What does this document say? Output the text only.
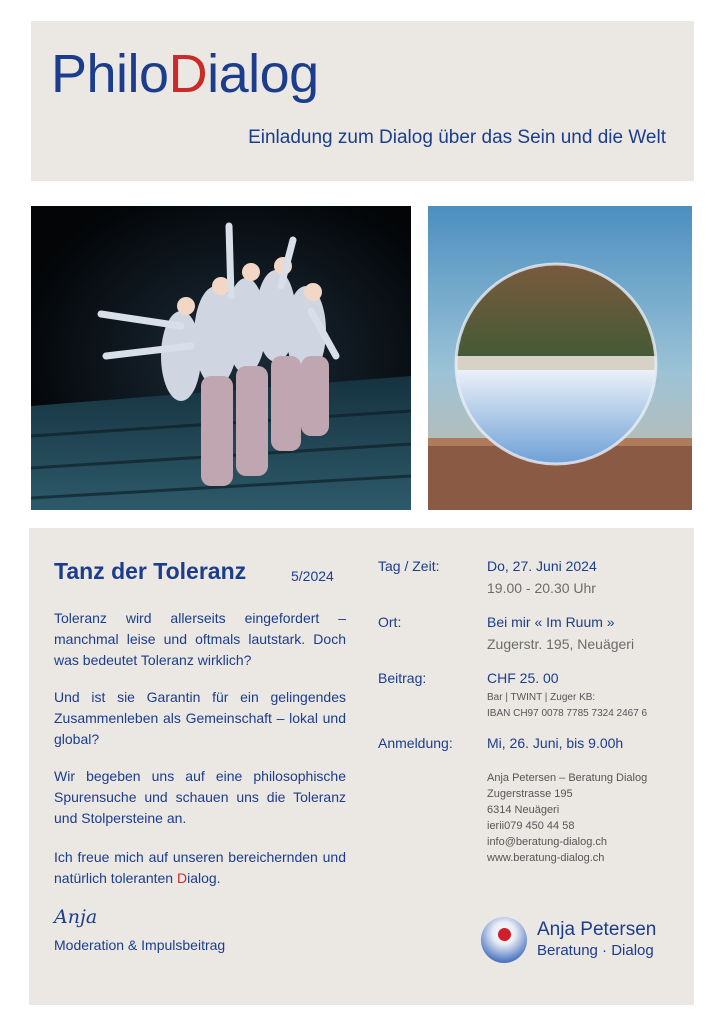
PhiloDialog
Einladung zum Dialog über das Sein und die Welt
Tanz der Toleranz	5/2024
Toleranz wird allerseits eingefordert – manchmal leise und oftmals lautstark. Doch was bedeutet Toleranz wirklich?
Und ist sie Garantin für ein gelingendes Zusammenleben als Gemeinschaft – lokal und global?
Wir begeben uns auf eine philosophische Spurensuche und schauen uns die Toleranz und Stolpersteine an.
Ich freue mich auf unseren bereichernden und natürlich toleranten Dialog.
Anja
Moderation & Impulsbeitrag
Tag / Zeit:	Do, 27. Juni 2024
19.00 - 20.30 Uhr
Ort:	Bei mir « Im Ruum »
Zugerstr. 195, Neuägeri
Beitrag:	CHF 25. 00
Bar | TWINT | Zuger KB:
IBAN CH97 0078 7785 7324 2467 6
Anmeldung: Mi, 26. Juni, bis 9.00h
Anja Petersen – Beratung Dialog
Zugerstrasse 195
6314 Neuägeri
ierii079 450 44 58
info@beratung-dialog.ch
www.beratung-dialog.ch
Anja Petersen
Beratung · Dialog
